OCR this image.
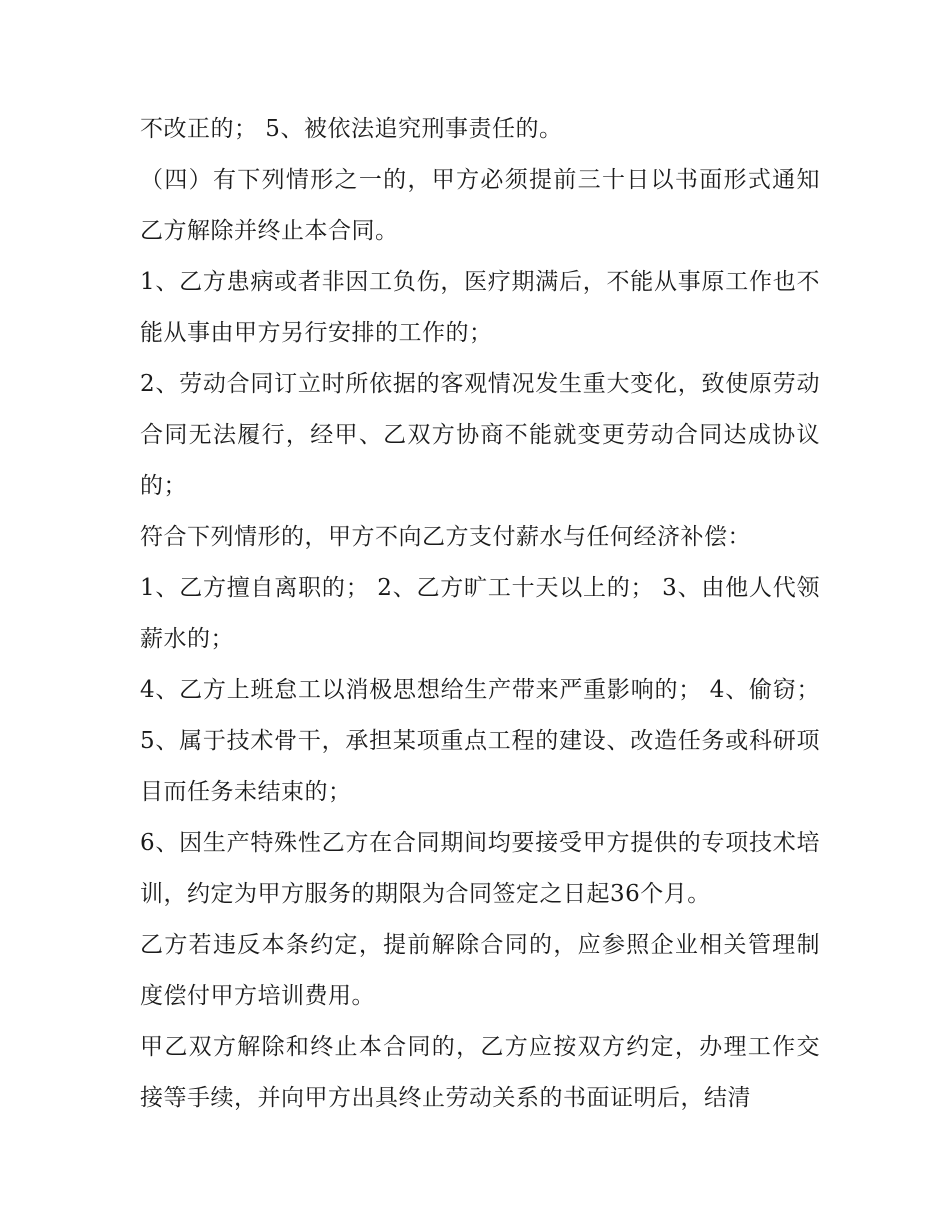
不改正的； 5、被依法追究刑事责任的。

（四）有下列情形之一的，甲方必须提前三十日以书面形式通知乙方解除并终止本合同。

1、乙方患病或者非因工负伤，医疗期满后，不能从事原工作也不能从事由甲方另行安排的工作的；

2、劳动合同订立时所依据的客观情况发生重大变化，致使原劳动合同无法履行，经甲、乙双方协商不能就变更劳动合同达成协议的；

符合下列情形的，甲方不向乙方支付薪水与任何经济补偿：

1、乙方擅自离职的； 2、乙方旷工十天以上的； 3、由他人代领薪水的；

4、乙方上班怠工以消极思想给生产带来严重影响的； 4、偷窃； 5、属于技术骨干，承担某项重点工程的建设、改造任务或科研项目而任务未结束的；

6、因生产特殊性乙方在合同期间均要接受甲方提供的专项技术培训，约定为甲方服务的期限为合同签定之日起36个月。

乙方若违反本条约定，提前解除合同的，应参照企业相关管理制度偿付甲方培训费用。

甲乙双方解除和终止本合同的，乙方应按双方约定，办理工作交接等手续，并向甲方出具终止劳动关系的书面证明后，结清
